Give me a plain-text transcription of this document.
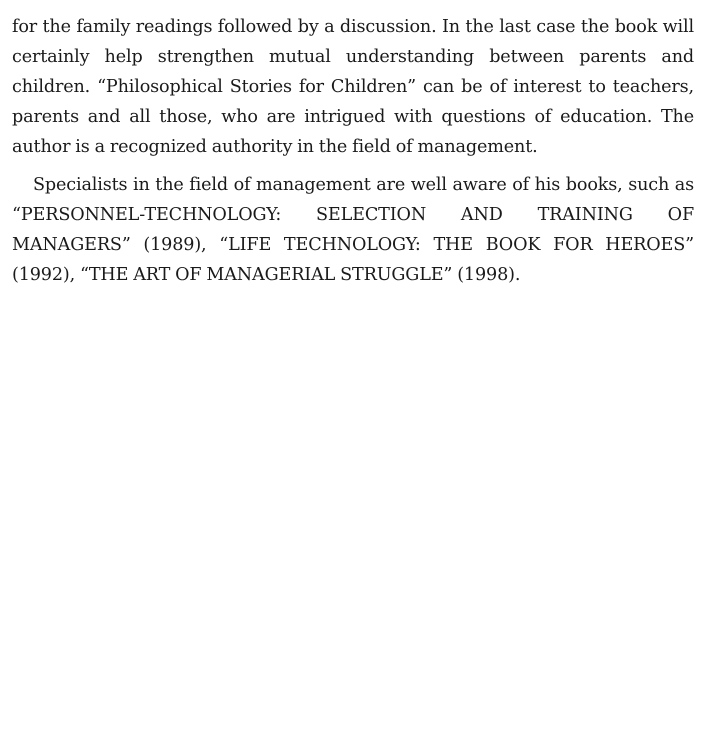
for the family readings followed by a discussion. In the last case the book will certainly help strengthen mutual understanding between parents and children. “Philosophical Stories for Children” can be of interest to teachers, parents and all those, who are intrigued with questions of education. The author is a recognized authority in the field of management.

Specialists in the field of management are well aware of his books, such as “PERSONNEL-TECHNOLOGY: SELECTION AND TRAINING OF MANAGERS” (1989), “LIFE TECHNOLOGY: THE BOOK FOR HEROES” (1992), “THE ART OF MANAGERIAL STRUGGLE” (1998).
